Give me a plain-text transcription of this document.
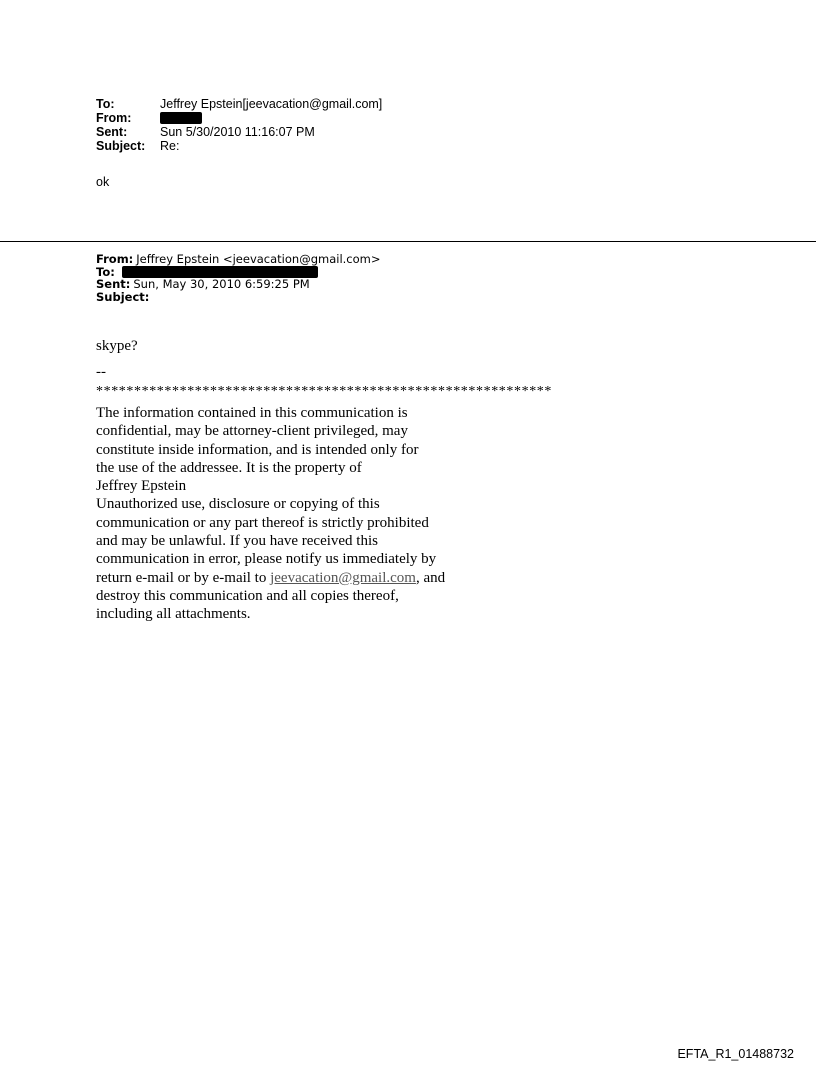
To:	Jeffrey Epstein[jeevacation@gmail.com]
From:
Sent:	Sun 5/30/2010 11:16:07 PM
Subject:	Re:
ok
From: Jeffrey Epstein <jeevacation@gmail.com>
To:
Sent: Sun, May 30, 2010 6:59:25 PM
Subject:
skype?
--
************************************************************
The information contained in this communication is
confidential, may be attorney-client privileged, may
constitute inside information, and is intended only for
the use of the addressee. It is the property of
Jeffrey Epstein
Unauthorized use, disclosure or copying of this
communication or any part thereof is strictly prohibited
and may be unlawful. If you have received this
communication in error, please notify us immediately by
return e-mail or by e-mail to jeevacation@gmail.com, and
destroy this communication and all copies thereof,
including all attachments.
EFTA_R1_01488732
